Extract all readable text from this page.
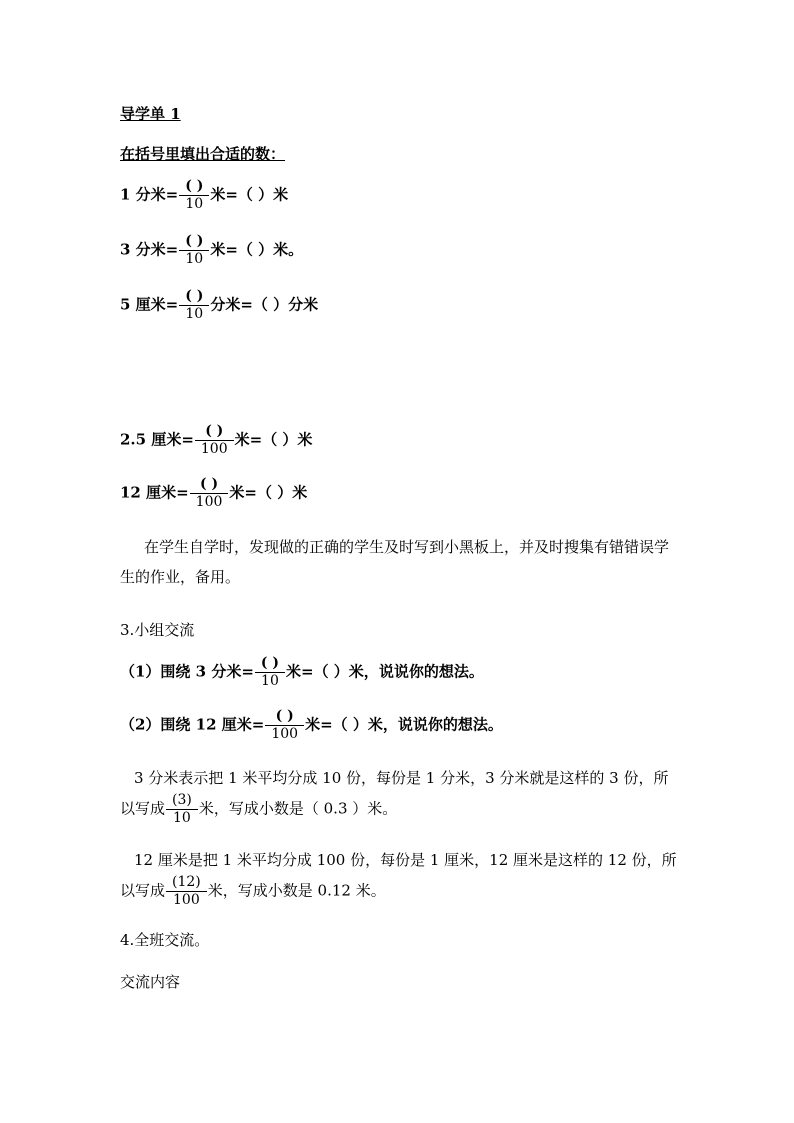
导学单 1
在括号里填出合适的数：
1 分米= $\frac{( )}{10}$ 米=（ ）米
3 分米= $\frac{( )}{10}$ 米=（ ）米。
5 厘米= $\frac{( )}{10}$ 分米=（ ）分米
2.5 厘米= $\frac{( )}{100}$ 米=（ ）米
12 厘米= $\frac{( )}{100}$ 米=（ ）米
在学生自学时，发现做的正确的学生及时写到小黑板上，并及时搜集有错错误学生的作业，备用。
3.小组交流
（1）围绕 3 分米= $\frac{( )}{10}$ 米=（ ）米，说说你的想法。
（2）围绕 12 厘米= $\frac{( )}{100}$ 米=（ ）米，说说你的想法。
3 分米表示把 1 米平均分成 10 份，每份是 1 分米，3 分米就是这样的 3 份，所
以写成 $\frac{(3)}{10}$ 米，写成小数是（ 0.3 ）米。
12 厘米是把 1 米平均分成 100 份，每份是 1 厘米，12 厘米是这样的 12 份，所
以写成 $\frac{(12)}{100}$ 米，写成小数是 0.12 米。
4.全班交流。
交流内容
